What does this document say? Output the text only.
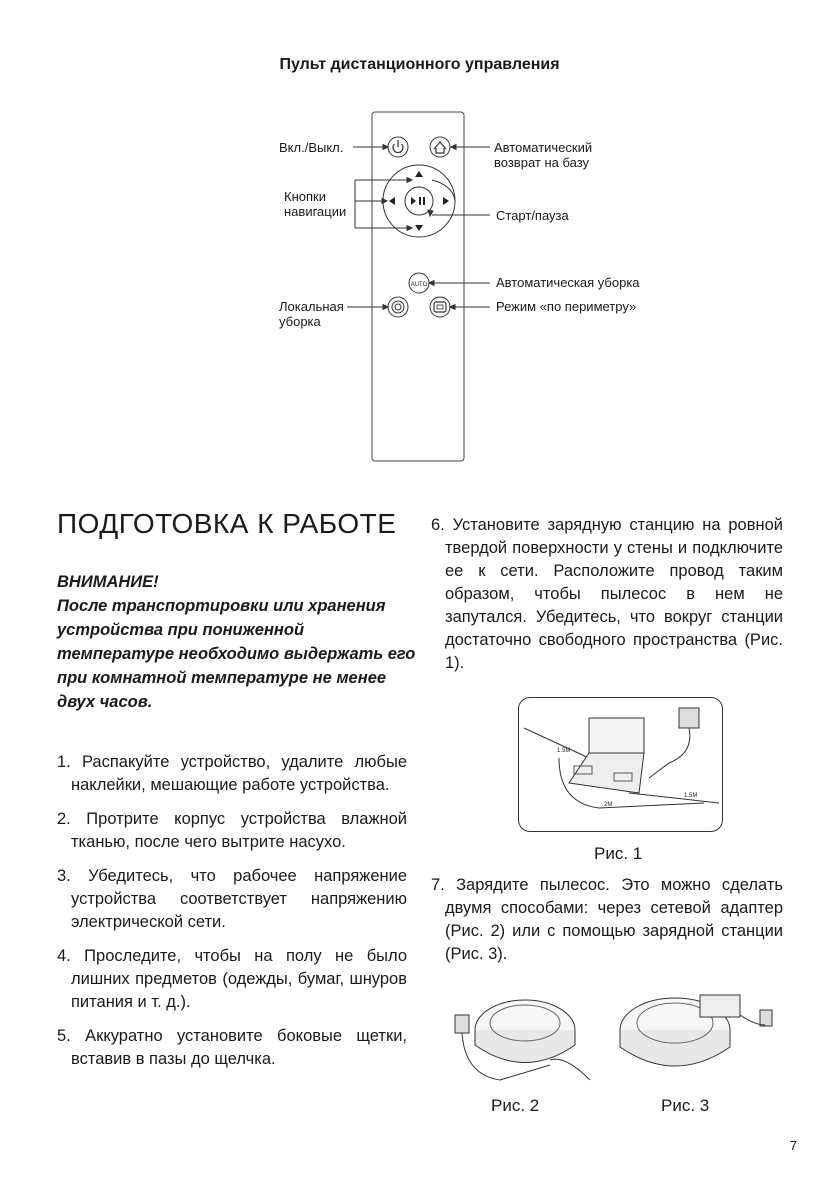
Пульт дистанционного управления
AUTO
Вкл./Выкл.
Кнопки
навигации
Автоматический
возврат на базу
Старт/пауза
Автоматическая уборка
Локальная
уборка
Режим «по периметру»
ПОДГОТОВКА К РАБОТЕ
ВНИМАНИЕ!
После транспортировки или хранения устройства при пониженной температуре необходимо выдержать его при комнатной температуре не менее двух часов.
1. Распакуйте устройство, удалите любые наклейки, мешающие работе устройства.
2. Протрите корпус устройства влажной тканью, после чего вытрите насухо.
3. Убедитесь, что рабочее напряжение устройства соответствует напряжению электрической сети.
4. Проследите, чтобы на полу не было лишних предметов (одежды, бумаг, шнуров питания и т. д.).
5. Аккуратно установите боковые щетки, вставив в пазы до щелчка.
6. Установите зарядную станцию на ровной твердой поверхности у стены и подключите ее к сети. Расположите провод таким образом, чтобы пылесос в нем не запутался. Убедитесь, что вокруг станции достаточно свободного пространства (Рис. 1).
1.5M
2M
1.5M
Рис. 1
7. Зарядите пылесос. Это можно сделать двумя способами: через сетевой адаптер (Рис. 2) или с помощью зарядной станции (Рис. 3).
Рис. 2	Рис. 3
7
